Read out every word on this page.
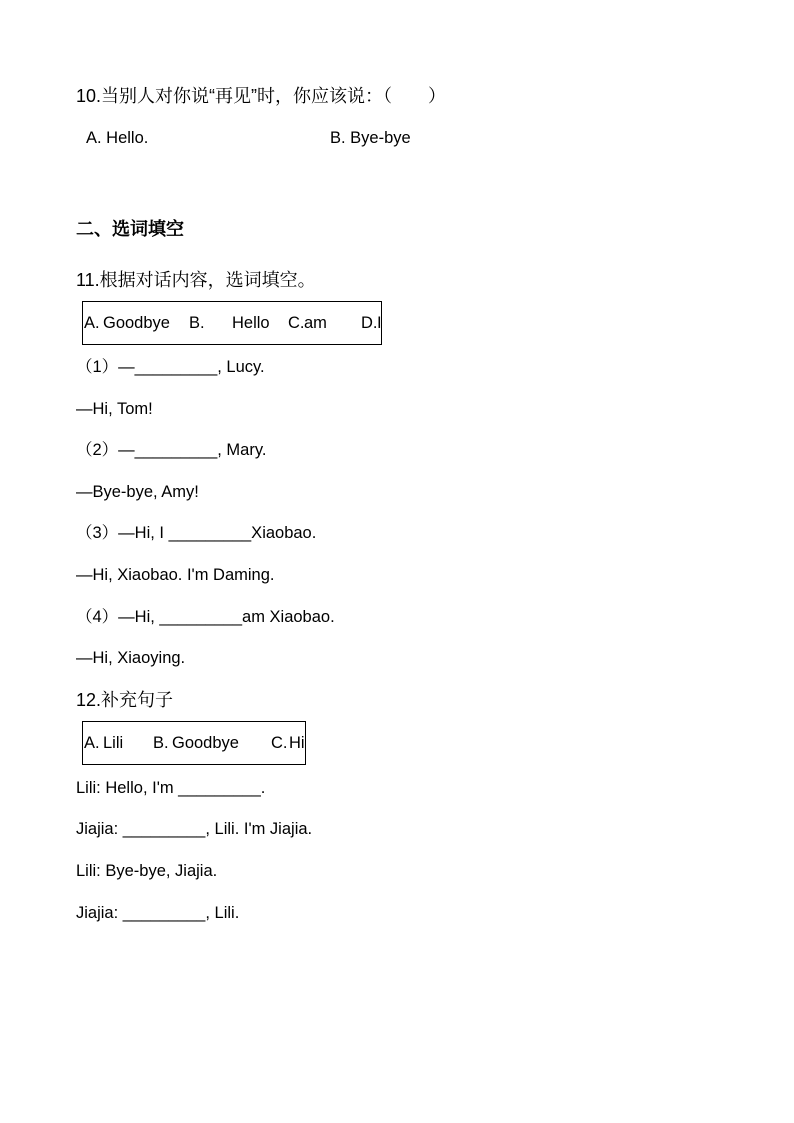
10.当别人对你说“再见”时，你应该说：（　　）

A. Hello.	B. Bye-bye

二、选词填空

11.根据对话内容，选词填空。

A. Goodbye B. Hello C. am D. I

（1）—_________, Lucy.

—Hi, Tom!

（2）—_________, Mary.

—Bye-bye, Amy!

（3）—Hi, I _________Xiaobao.

—Hi, Xiaobao. I'm Daming.

（4）—Hi, _________am Xiaobao.

—Hi, Xiaoying.

12.补充句子

A. Lili B. Goodbye C. Hi

Lili: Hello, I'm _________.

Jiajia: _________, Lili. I'm Jiajia.

Lili: Bye-bye, Jiajia.

Jiajia: _________, Lili.
